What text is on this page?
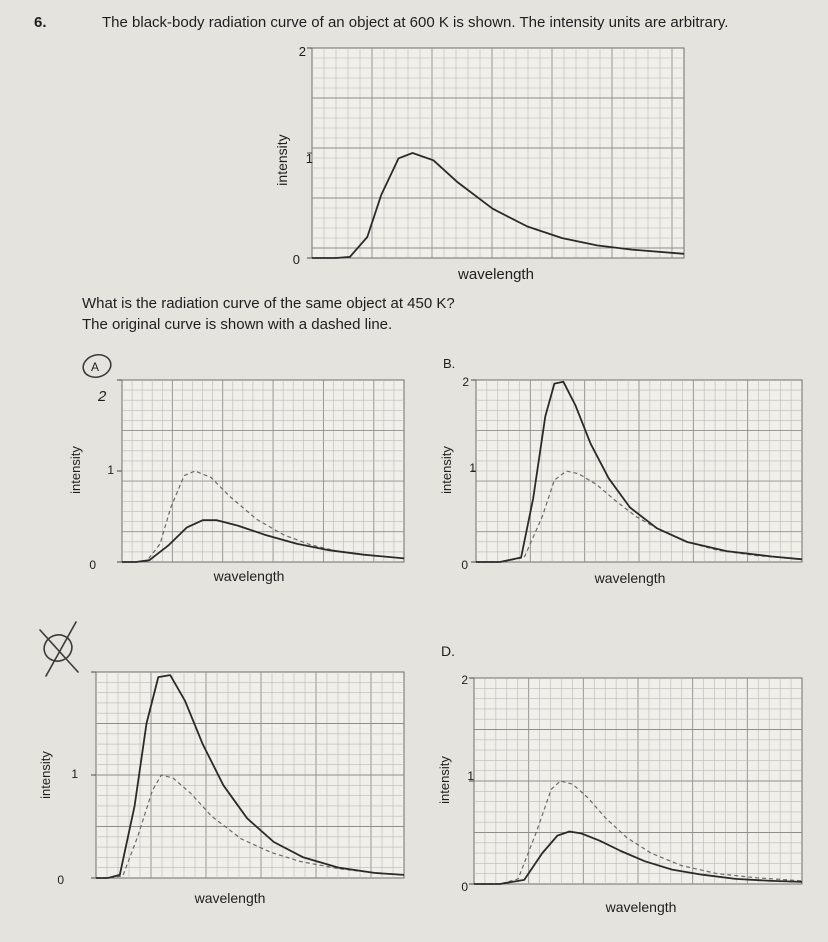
6.	The black-body radiation curve of an object at 600 K is shown. The intensity units are arbitrary.
What is the radiation curve of the same object at 450 K?
The original curve is shown with a dashed line.
2
1
0
intensity
wavelength
A
2
1
0
intensity
wavelength
B.
2
1
0
intensity
wavelength
1
0
intensity
wavelength
D.
2
1
0
intensity
wavelength
